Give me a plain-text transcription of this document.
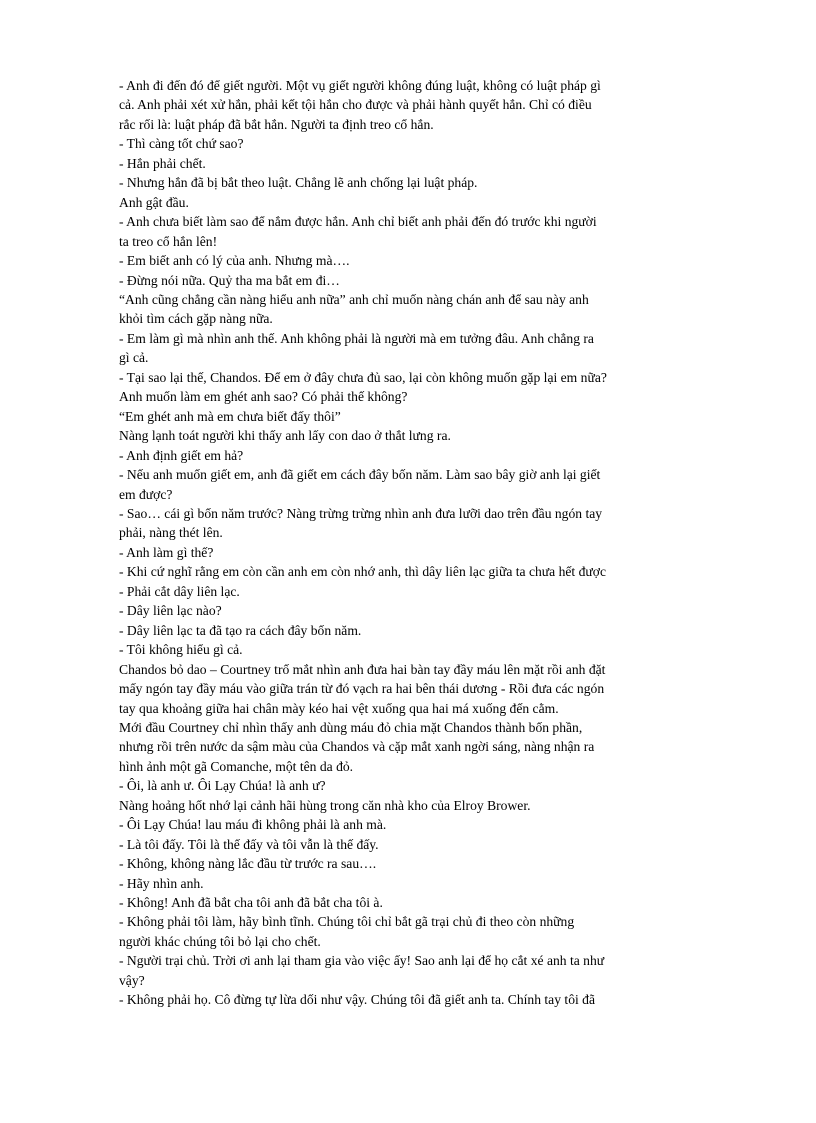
- Anh đi đến đó để giết người. Một vụ giết người không đúng luật, không có luật pháp gì
cả. Anh phải xét xử hắn, phải kết tội hắn cho được và phải hành quyết hắn. Chỉ có điều
rắc rối là: luật pháp đã bắt hắn. Người ta định treo cổ hắn.
- Thì càng tốt chứ sao?
- Hắn phải chết.
- Nhưng hắn đã bị bắt theo luật. Chẳng lẽ anh chống lại luật pháp.
Anh gật đầu.
- Anh chưa biết làm sao để nắm được hắn. Anh chỉ biết anh phải đến đó trước khi người
ta treo cổ hắn lên!
- Em biết anh có lý của anh. Nhưng mà….
- Đừng nói nữa. Quỷ tha ma bắt em đi…
“Anh cũng chẳng cần nàng hiểu anh nữa” anh chỉ muốn nàng chán anh để sau này anh
khỏi tìm cách gặp nàng nữa.
- Em làm gì mà nhìn anh thế. Anh không phải là người mà em tưởng đâu. Anh chẳng ra
gì cả.
- Tại sao lại thế, Chandos. Để em ở đây chưa đủ sao, lại còn không muốn gặp lại em nữa?
Anh muốn làm em ghét anh sao? Có phải thế không?
“Em ghét anh mà em chưa biết đấy thôi”
Nàng lạnh toát người khi thấy anh lấy con dao ở thắt lưng ra.
- Anh định giết em hả?
- Nếu anh muốn giết em, anh đã giết em cách đây bốn năm. Làm sao bây giờ anh lại giết
em được?
- Sao… cái gì bốn năm trước? Nàng trừng trừng nhìn anh đưa lưỡi dao trên đầu ngón tay
phải, nàng thét lên.
- Anh làm gì thế?
- Khi cứ nghĩ rằng em còn cần anh em còn nhớ anh, thì dây liên lạc giữa ta chưa hết được
- Phải cắt dây liên lạc.
- Dây liên lạc nào?
- Dây liên lạc ta đã tạo ra cách đây bốn năm.
- Tôi không hiểu gì cả.
Chandos bỏ dao – Courtney trố mắt nhìn anh đưa hai bàn tay đầy máu lên mặt rồi anh đặt
mấy ngón tay đầy máu vào giữa trán từ đó vạch ra hai bên thái dương - Rồi đưa các ngón
tay qua khoảng giữa hai chân mày kéo hai vệt xuống qua hai má xuống đến cằm.
Mới đầu Courtney chỉ nhìn thấy anh dùng máu đỏ chia mặt Chandos thành bốn phần,
nhưng rồi trên nước da sậm màu của Chandos và cặp mắt xanh ngời sáng, nàng nhận ra
hình ảnh một gã Comanche, một tên da đỏ.
- Ôi, là anh ư. Ôi Lạy Chúa! là anh ư?
Nàng hoảng hốt nhớ lại cảnh hãi hùng trong căn nhà kho của Elroy Brower.
- Ôi Lạy Chúa! lau máu đi không phải là anh mà.
- Là tôi đấy. Tôi là thế đấy và tôi vẫn là thế đấy.
- Không, không nàng lắc đầu từ trước ra sau….
- Hãy nhìn anh.
- Không! Anh đã bắt cha tôi anh đã bắt cha tôi à.
- Không phải tôi làm, hãy bình tĩnh. Chúng tôi chỉ bắt gã trại chủ đi theo còn những
người khác chúng tôi bỏ lại cho chết.
- Người trại chủ. Trời ơi anh lại tham gia vào việc ấy! Sao anh lại để họ cắt xé anh ta như
vậy?
- Không phải họ. Cô đừng tự lừa dối như vậy. Chúng tôi đã giết anh ta. Chính tay tôi đã
